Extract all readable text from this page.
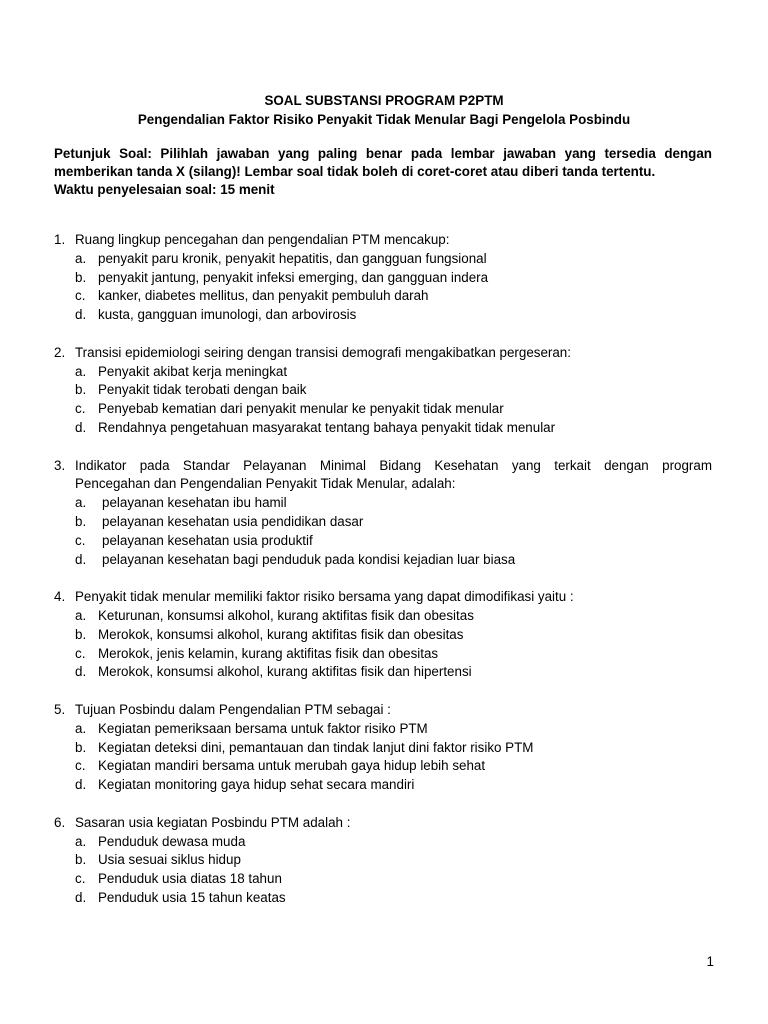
SOAL SUBSTANSI PROGRAM P2PTM

Pengendalian Faktor Risiko Penyakit Tidak Menular Bagi Pengelola Posbindu

Petunjuk Soal: Pilihlah jawaban yang paling benar pada lembar jawaban yang tersedia dengan
memberikan tanda X (silang)! Lembar soal tidak boleh di coret-coret atau diberi tanda tertentu.
Waktu penyelesaian soal: 15 menit
1. Ruang lingkup pencegahan dan pengendalian PTM mencakup:
a. penyakit paru kronik, penyakit hepatitis, dan gangguan fungsional
b. penyakit jantung, penyakit infeksi emerging, dan gangguan indera
c. kanker, diabetes mellitus, dan penyakit pembuluh darah
d. kusta, gangguan imunologi, dan arbovirosis
2. Transisi epidemiologi seiring dengan transisi demografi mengakibatkan pergeseran:
a. Penyakit akibat kerja meningkat
b. Penyakit tidak terobati dengan baik
c. Penyebab kematian dari penyakit menular ke penyakit tidak menular
d. Rendahnya pengetahuan masyarakat tentang bahaya penyakit tidak menular
3. Indikator pada Standar Pelayanan Minimal Bidang Kesehatan yang terkait dengan program
Pencegahan dan Pengendalian Penyakit Tidak Menular, adalah:
a. pelayanan kesehatan ibu hamil
b. pelayanan kesehatan usia pendidikan dasar
c. pelayanan kesehatan usia produktif
d. pelayanan kesehatan bagi penduduk pada kondisi kejadian luar biasa
4. Penyakit tidak menular memiliki faktor risiko bersama yang dapat dimodifikasi yaitu :
a. Keturunan, konsumsi alkohol, kurang aktifitas fisik dan obesitas
b. Merokok, konsumsi alkohol, kurang aktifitas fisik dan obesitas
c. Merokok, jenis kelamin, kurang aktifitas fisik dan obesitas
d. Merokok, konsumsi alkohol, kurang aktifitas fisik dan hipertensi
5. Tujuan Posbindu dalam Pengendalian PTM sebagai :
a. Kegiatan pemeriksaan bersama untuk faktor risiko PTM
b. Kegiatan deteksi dini, pemantauan dan tindak lanjut dini faktor risiko PTM
c. Kegiatan mandiri bersama untuk merubah gaya hidup lebih sehat
d. Kegiatan monitoring gaya hidup sehat secara mandiri
6. Sasaran usia kegiatan Posbindu PTM adalah :
a. Penduduk dewasa muda
b. Usia sesuai siklus hidup
c. Penduduk usia diatas 18 tahun
d. Penduduk usia 15 tahun keatas
1
